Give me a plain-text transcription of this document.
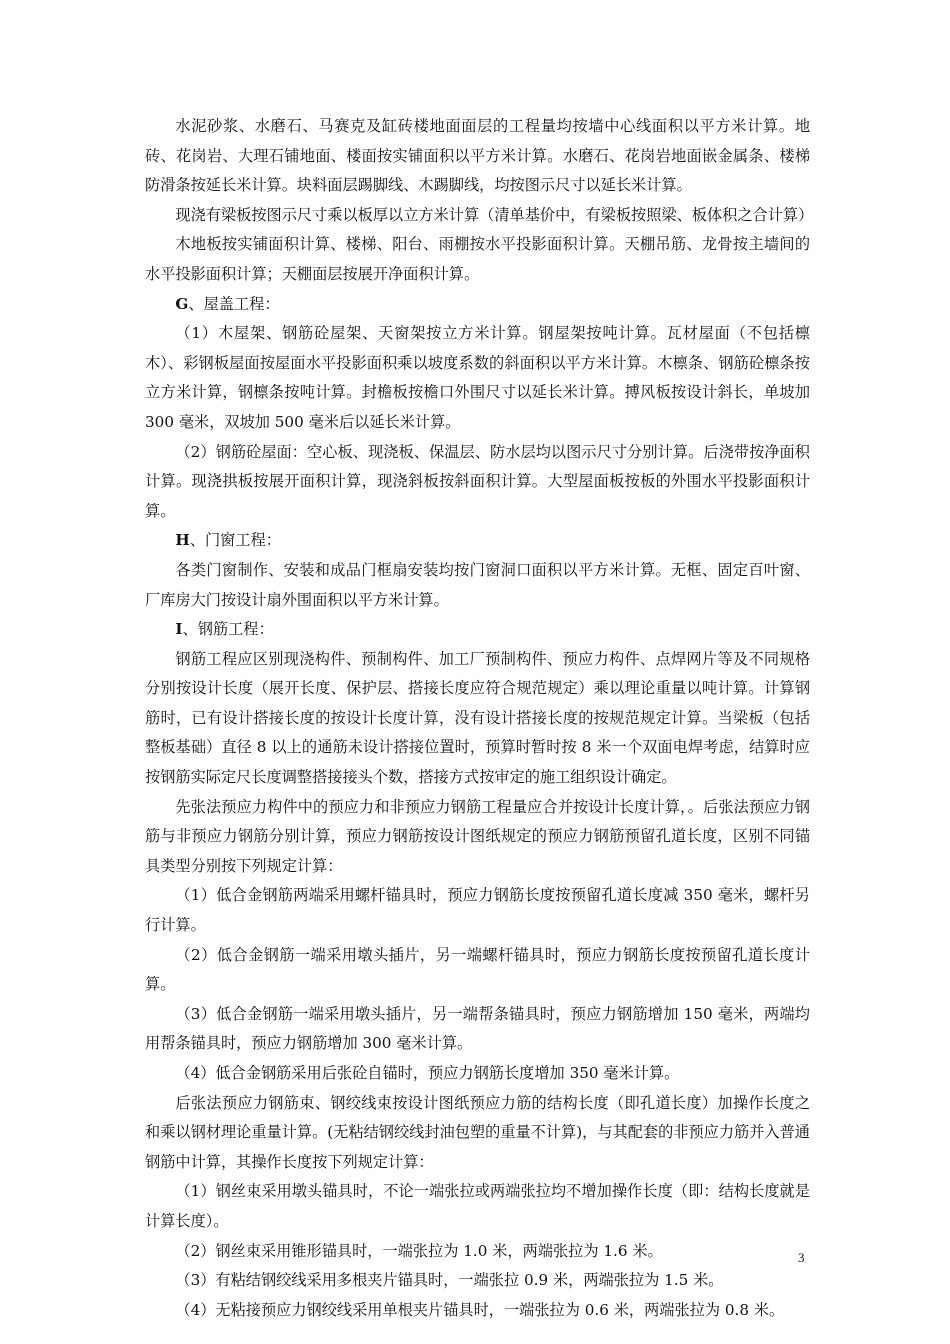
水泥砂浆、水磨石、马赛克及缸砖楼地面面层的工程量均按墙中心线面积以平方米计算。地砖、花岗岩、大理石铺地面、楼面按实铺面积以平方米计算。水磨石、花岗岩地面嵌金属条、楼梯防滑条按延长米计算。块料面层踢脚线、木踢脚线，均按图示尺寸以延长米计算。

现浇有梁板按图示尺寸乘以板厚以立方米计算（清单基价中，有梁板按照梁、板体积之合计算）

木地板按实铺面积计算、楼梯、阳台、雨棚按水平投影面积计算。天棚吊筋、龙骨按主墙间的水平投影面积计算；天棚面层按展开净面积计算。

G、屋盖工程：

（1）木屋架、钢筋砼屋架、天窗架按立方米计算。钢屋架按吨计算。瓦材屋面（不包括檩木）、彩钢板屋面按屋面水平投影面积乘以坡度系数的斜面积以平方米计算。木檩条、钢筋砼檩条按立方米计算，钢檩条按吨计算。封檐板按檐口外围尺寸以延长米计算。搏风板按设计斜长，单坡加 300 毫米，双坡加 500 毫米后以延长米计算。

（2）钢筋砼屋面：空心板、现浇板、保温层、防水层均以图示尺寸分别计算。后浇带按净面积计算。现浇拱板按展开面积计算，现浇斜板按斜面积计算。大型屋面板按板的外围水平投影面积计算。

H、门窗工程：

各类门窗制作、安装和成品门框扇安装均按门窗洞口面积以平方米计算。无框、固定百叶窗、厂库房大门按设计扇外围面积以平方米计算。

I、钢筋工程：

钢筋工程应区别现浇构件、预制构件、加工厂预制构件、预应力构件、点焊网片等及不同规格分别按设计长度（展开长度、保护层、搭接长度应符合规范规定）乘以理论重量以吨计算。计算钢筋时，已有设计搭接长度的按设计长度计算，没有设计搭接长度的按规范规定计算。当梁板（包括整板基础）直径 8 以上的通筋未设计搭接位置时，预算时暂时按 8 米一个双面电焊考虑，结算时应按钢筋实际定尺长度调整搭接接头个数，搭接方式按审定的施工组织设计确定。

先张法预应力构件中的预应力和非预应力钢筋工程量应合并按设计长度计算，。后张法预应力钢筋与非预应力钢筋分别计算，预应力钢筋按设计图纸规定的预应力钢筋预留孔道长度，区别不同锚具类型分别按下列规定计算：

（1）低合金钢筋两端采用螺杆锚具时，预应力钢筋长度按预留孔道长度减 350 毫米，螺杆另行计算。

（2）低合金钢筋一端采用墩头插片，另一端螺杆锚具时，预应力钢筋长度按预留孔道长度计算。

（3）低合金钢筋一端采用墩头插片，另一端帮条锚具时，预应力钢筋增加 150 毫米，两端均用帮条锚具时，预应力钢筋增加 300 毫米计算。

（4）低合金钢筋采用后张砼自锚时，预应力钢筋长度增加 350 毫米计算。

后张法预应力钢筋束、钢绞线束按设计图纸预应力筋的结构长度（即孔道长度）加操作长度之和乘以钢材理论重量计算。(无粘结钢绞线封油包塑的重量不计算)，与其配套的非预应力筋并入普通钢筋中计算，其操作长度按下列规定计算：

（1）钢丝束采用墩头锚具时，不论一端张拉或两端张拉均不增加操作长度（即：结构长度就是计算长度）。

（2）钢丝束采用锥形锚具时，一端张拉为 1.0 米，两端张拉为 1.6 米。

（3）有粘结钢绞线采用多根夹片锚具时，一端张拉 0.9 米，两端张拉为 1.5 米。

（4）无粘接预应力钢绞线采用单根夹片锚具时，一端张拉为 0.6 米，两端张拉为 0.8 米。

3
